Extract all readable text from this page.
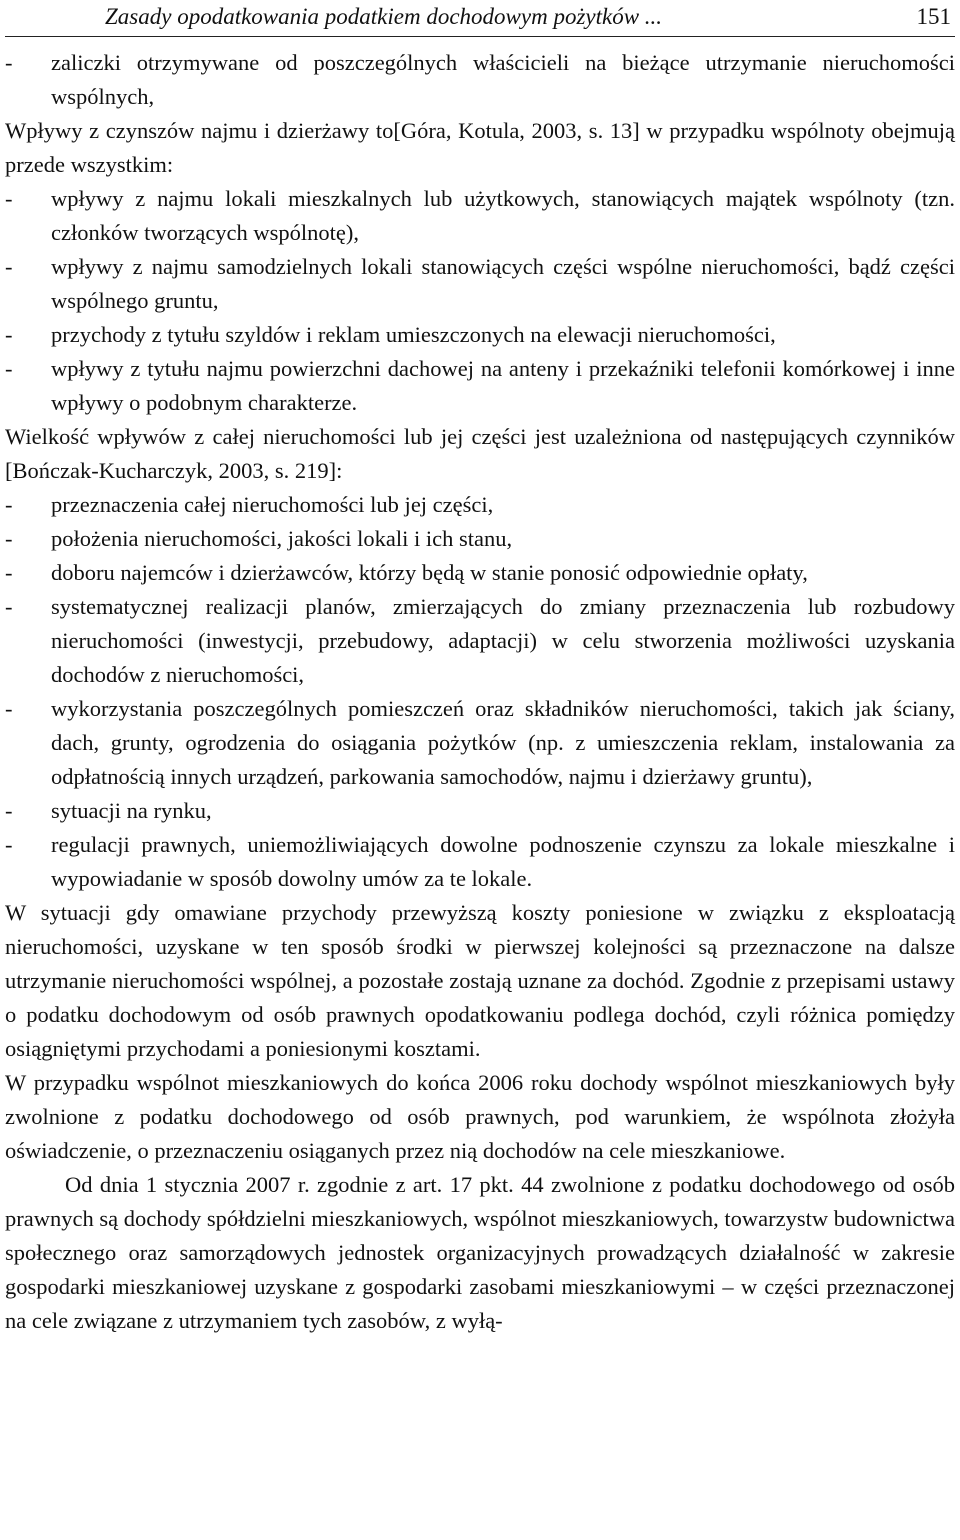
Zasady opodatkowania podatkiem dochodowym pożytków ...	151
-	zaliczki otrzymywane od poszczególnych właścicieli na bieżące utrzymanie nieruchomości wspólnych,

Wpływy z czynszów najmu i dzierżawy to[Góra, Kotula, 2003, s. 13] w przypadku wspólnoty obejmują przede wszystkim:

-	wpływy z najmu lokali mieszkalnych lub użytkowych, stanowiących majątek wspólnoty (tzn. członków tworzących wspólnotę),
-	wpływy z najmu samodzielnych lokali stanowiących części wspólne nieruchomości, bądź części wspólnego gruntu,
-	przychody z tytułu szyldów i reklam umieszczonych na elewacji nieruchomości,
-	wpływy z tytułu najmu powierzchni dachowej na anteny i przekaźniki telefonii komórkowej i inne wpływy o podobnym charakterze.

Wielkość wpływów z całej nieruchomości lub jej części jest uzależniona od następujących czynników [Bończak-Kucharczyk, 2003, s. 219]:

-	przeznaczenia całej nieruchomości lub jej części,
-	położenia nieruchomości, jakości lokali i ich stanu,
-	doboru najemców i dzierżawców, którzy będą w stanie ponosić odpowiednie opłaty,
-	systematycznej realizacji planów, zmierzających do zmiany przeznaczenia lub rozbudowy nieruchomości (inwestycji, przebudowy, adaptacji) w celu stworzenia możliwości uzyskania dochodów z nieruchomości,
-	wykorzystania poszczególnych pomieszczeń oraz składników nieruchomości, takich jak ściany, dach, grunty, ogrodzenia do osiągania pożytków (np. z umieszczenia reklam, instalowania za odpłatnością innych urządzeń, parkowania samochodów, najmu i dzierżawy gruntu),
-	sytuacji na rynku,
-	regulacji prawnych, uniemożliwiających dowolne podnoszenie czynszu za lokale mieszkalne i wypowiadanie w sposób dowolny umów za te lokale.

W sytuacji gdy omawiane przychody przewyższą koszty poniesione w związku z eksploatacją nieruchomości, uzyskane w ten sposób środki w pierwszej kolejności są przeznaczone na dalsze utrzymanie nieruchomości wspólnej, a pozostałe zostają uznane za dochód. Zgodnie z przepisami ustawy o podatku dochodowym od osób prawnych opodatkowaniu podlega dochód, czyli różnica pomiędzy osiągniętymi przychodami a poniesionymi kosztami.

W przypadku wspólnot mieszkaniowych do końca 2006 roku dochody wspólnot mieszkaniowych były zwolnione z podatku dochodowego od osób prawnych, pod warunkiem, że wspólnota złożyła oświadczenie, o przeznaczeniu osiąganych przez nią dochodów na cele mieszkaniowe.

Od dnia 1 stycznia 2007 r. zgodnie z art. 17 pkt. 44 zwolnione z podatku dochodowego od osób prawnych są dochody spółdzielni mieszkaniowych, wspólnot mieszkaniowych, towarzystw budownictwa społecznego oraz samorządowych jednostek organizacyjnych prowadzących działalność w zakresie gospodarki mieszkaniowej uzyskane z gospodarki zasobami mieszkaniowymi – w części przeznaczonej na cele związane z utrzymaniem tych zasobów, z wyłą-
